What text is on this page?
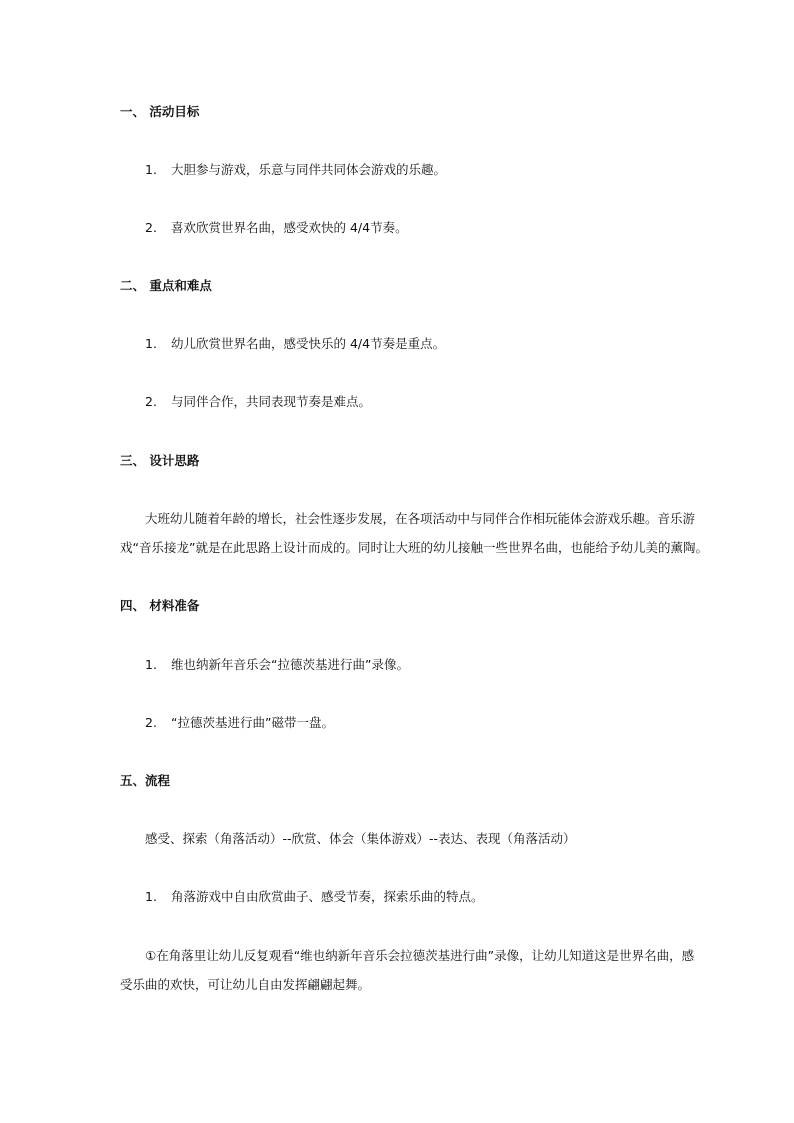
一、 活动目标
1. 大胆参与游戏，乐意与同伴共同体会游戏的乐趣。
2. 喜欢欣赏世界名曲，感受欢快的 4/4节奏。
二、 重点和难点
1. 幼儿欣赏世界名曲，感受快乐的 4/4节奏是重点。
2. 与同伴合作，共同表现节奏是难点。
三、 设计思路
大班幼儿随着年龄的增长，社会性逐步发展，在各项活动中与同伴合作相玩能体会游戏乐趣。音乐游
戏“音乐接龙”就是在此思路上设计而成的。同时让大班的幼儿接触一些世界名曲，也能给予幼儿美的薰陶。
四、 材料准备
1. 维也纳新年音乐会“拉德茨基进行曲”录像。
2. “拉德茨基进行曲”磁带一盘。
五、流程
感受、探索（角落活动）--欣赏、体会（集体游戏）--表达、表现（角落活动）
1. 角落游戏中自由欣赏曲子、感受节奏，探索乐曲的特点。
①在角落里让幼儿反复观看“维也纳新年音乐会拉德茨基进行曲”录像，让幼儿知道这是世界名曲，感
受乐曲的欢快，可让幼儿自由发挥翩翩起舞。
